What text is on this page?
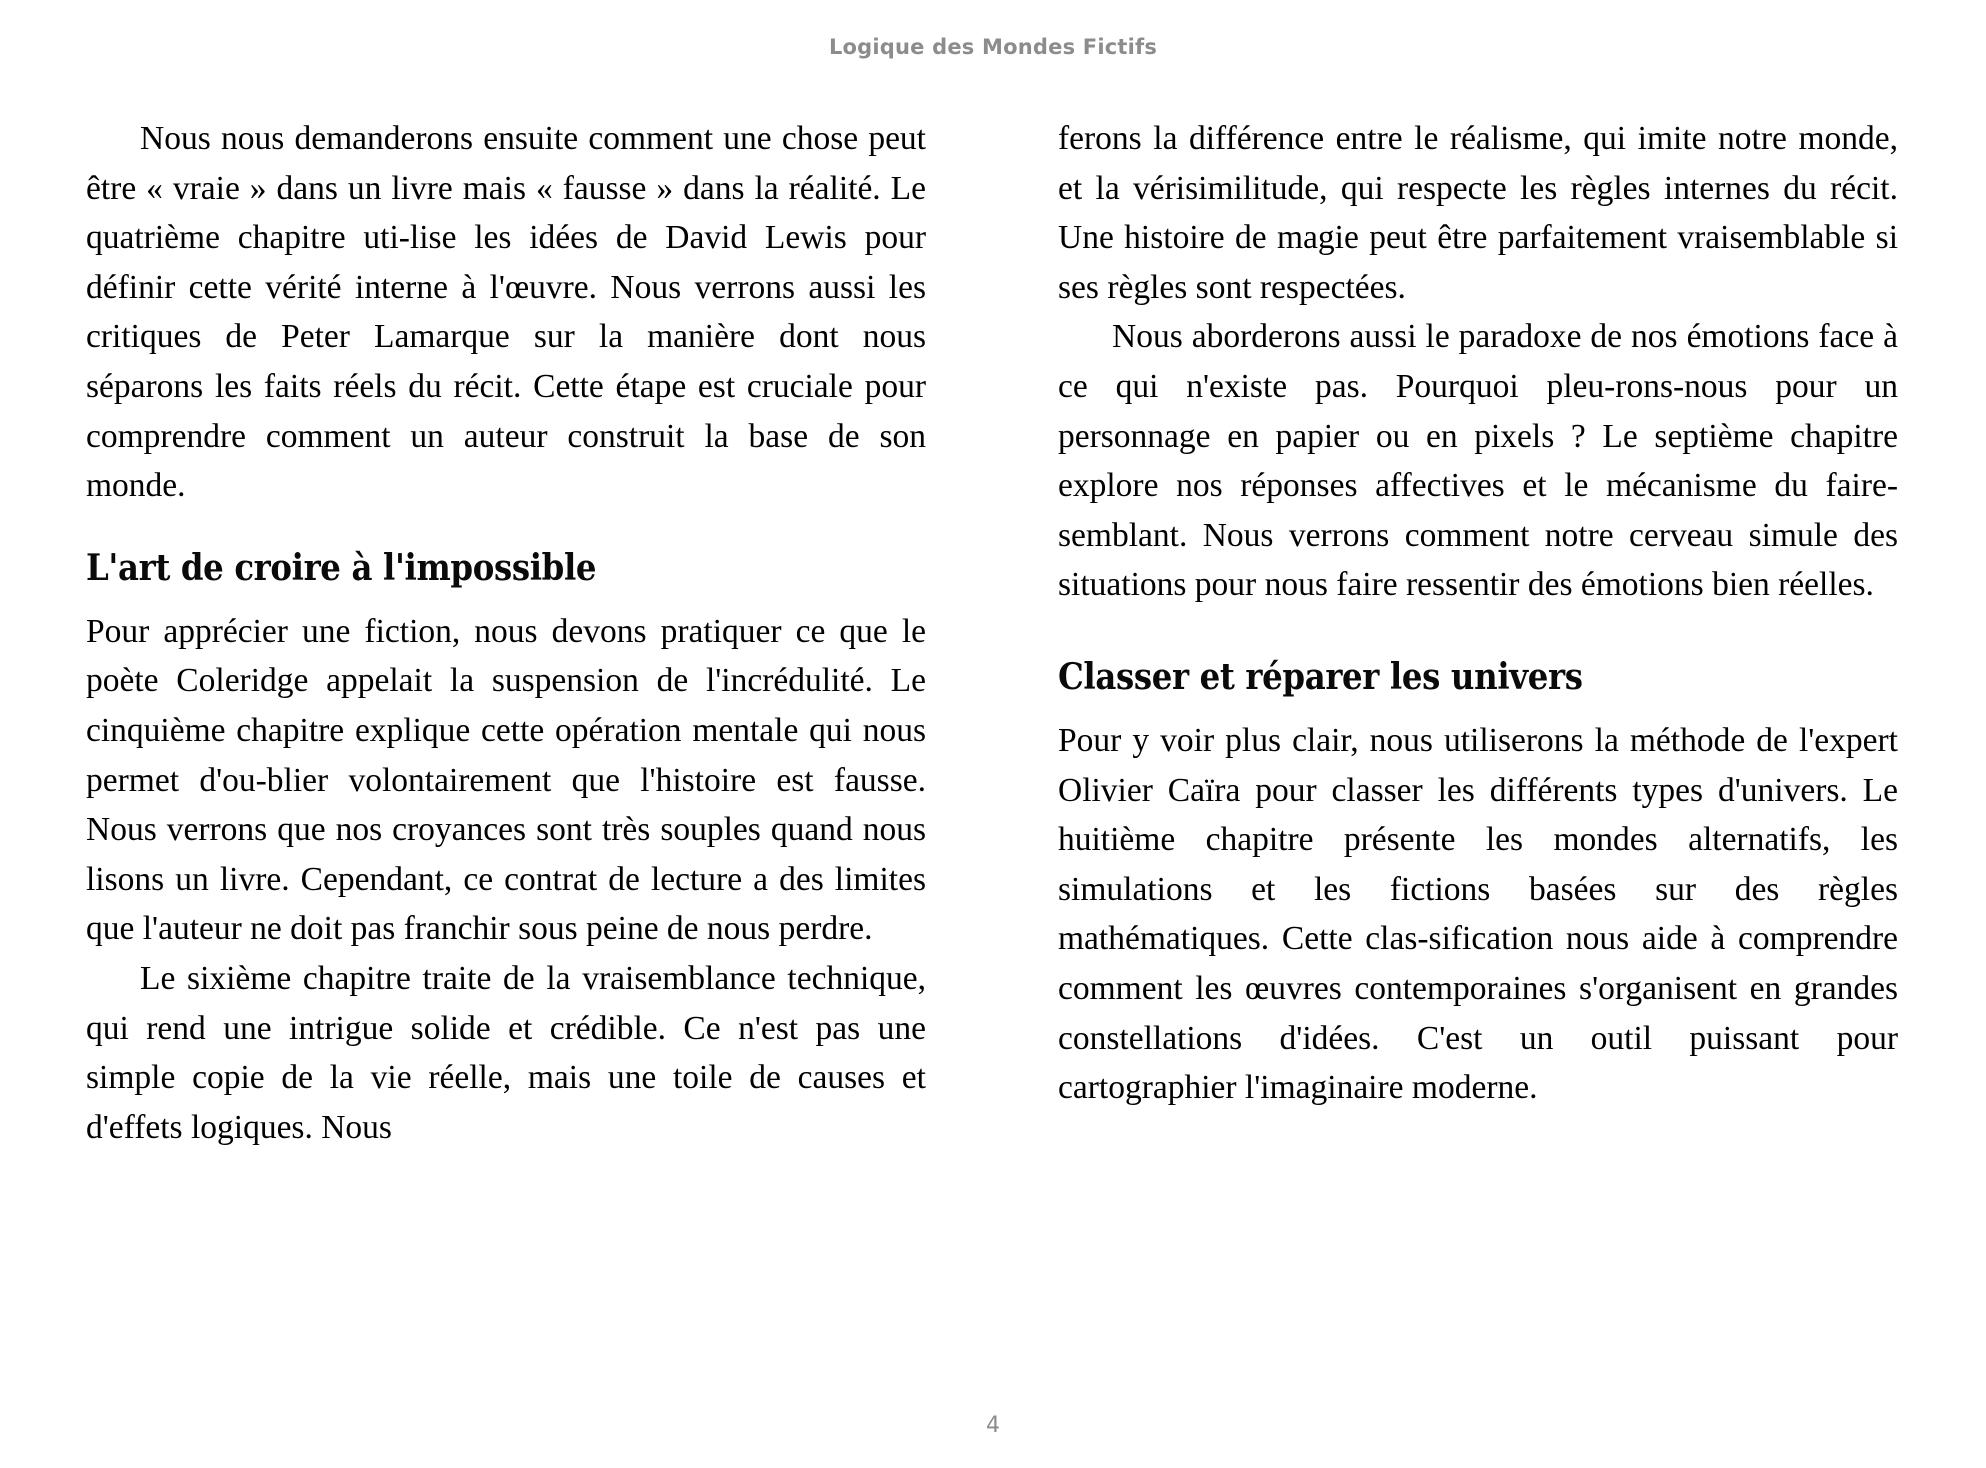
Logique des Mondes Fictifs

Nous nous demanderons ensuite comment une chose peut être « vraie » dans un livre mais « fausse » dans la réalité. Le quatrième chapitre uti-lise les idées de David Lewis pour définir cette vérité interne à l'œuvre. Nous verrons aussi les critiques de Peter Lamarque sur la manière dont nous séparons les faits réels du récit. Cette étape est cruciale pour comprendre comment un auteur construit la base de son monde.

L'art de croire à l'impossible

Pour apprécier une fiction, nous devons pratiquer ce que le poète Coleridge appelait la suspension de l'incrédulité. Le cinquième chapitre explique cette opération mentale qui nous permet d'ou-blier volontairement que l'histoire est fausse. Nous verrons que nos croyances sont très souples quand nous lisons un livre. Cependant, ce contrat de lecture a des limites que l'auteur ne doit pas franchir sous peine de nous perdre.

Le sixième chapitre traite de la vraisemblance technique, qui rend une intrigue solide et crédible. Ce n'est pas une simple copie de la vie réelle, mais une toile de causes et d'effets logiques. Nous

ferons la différence entre le réalisme, qui imite notre monde, et la vérisimilitude, qui respecte les règles internes du récit. Une histoire de magie peut être parfaitement vraisemblable si ses règles sont respectées.

Nous aborderons aussi le paradoxe de nos émotions face à ce qui n'existe pas. Pourquoi pleu-rons-nous pour un personnage en papier ou en pixels ? Le septième chapitre explore nos réponses affectives et le mécanisme du faire-semblant. Nous verrons comment notre cerveau simule des situations pour nous faire ressentir des émotions bien réelles.

Classer et réparer les univers

Pour y voir plus clair, nous utiliserons la méthode de l'expert Olivier Caïra pour classer les différents types d'univers. Le huitième chapitre présente les mondes alternatifs, les simulations et les fictions basées sur des règles mathématiques. Cette clas-sification nous aide à comprendre comment les œuvres contemporaines s'organisent en grandes constellations d'idées. C'est un outil puissant pour cartographier l'imaginaire moderne.

4
